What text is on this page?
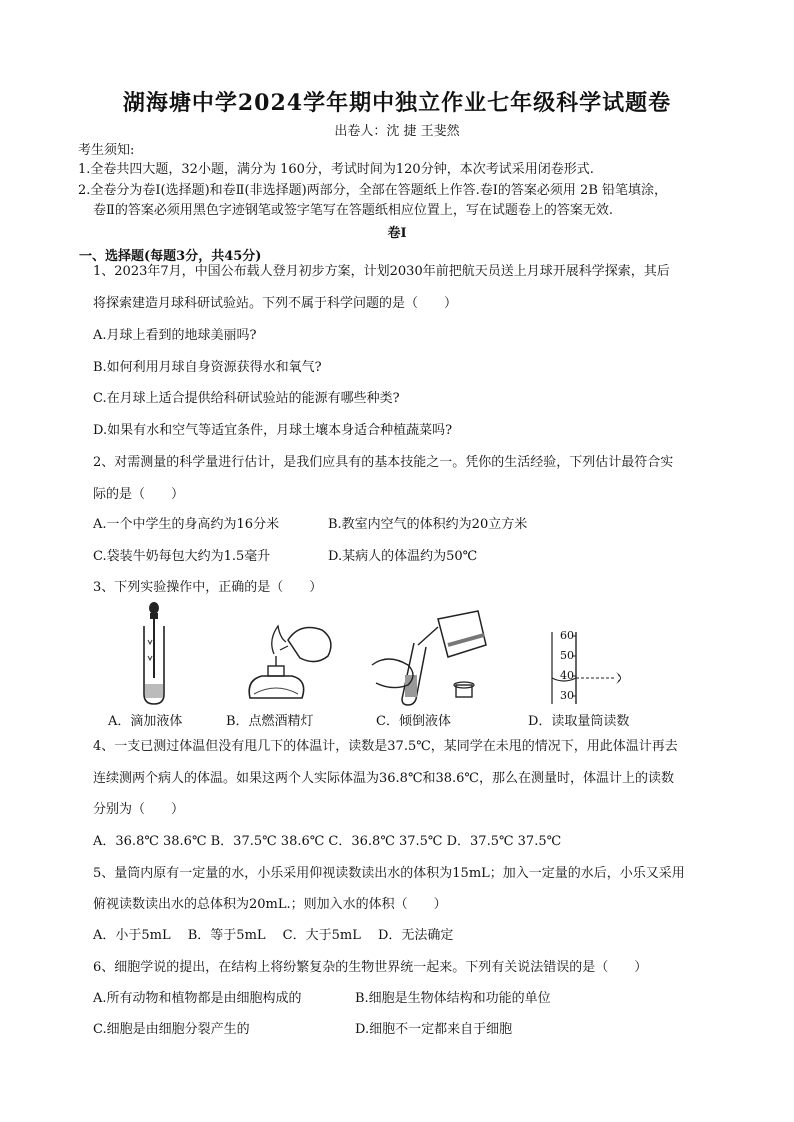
湖海塘中学2024学年期中独立作业七年级科学试题卷
出卷人：沈 捷 王斐然
考生须知:
1.全卷共四大题，32小题，满分为 160分，考试时间为120分钟，本次考试采用闭卷形式.
2.全卷分为卷Ⅰ(选择题)和卷Ⅱ(非选择题)两部分，全部在答题纸上作答.卷Ⅰ的答案必须用 2B 铅笔填涂，
卷Ⅱ的答案必须用黑色字迹钢笔或签字笔写在答题纸相应位置上，写在试题卷上的答案无效.
卷Ⅰ
一、选择题(每题3分，共45分)
1、2023年7月，中国公布载人登月初步方案，计划2030年前把航天员送上月球开展科学探索，其后
将探索建造月球科研试验站。下列不属于科学问题的是（　　）
A.月球上看到的地球美丽吗?
B.如何利用月球自身资源获得水和氧气?
C.在月球上适合提供给科研试验站的能源有哪些种类?
D.如果有水和空气等适宜条件，月球土壤本身适合种植蔬菜吗?
2、对需测量的科学量进行估计，是我们应具有的基本技能之一。凭你的生活经验，下列估计最符合实
际的是（　　）
A.一个中学生的身高约为16分米	B.教室内空气的体积约为20立方米
C.袋装牛奶每包大约为1.5毫升	D.某病人的体温约为50℃
3、下列实验操作中，正确的是（　　）
60
50
40
30
A．滴加液体	B．点燃酒精灯	C．倾倒液体	D．读取量筒读数
4、一支已测过体温但没有甩几下的体温计，读数是37.5℃，某同学在未甩的情况下，用此体温计再去
连续测两个病人的体温。如果这两个人实际体温为36.8℃和38.6℃，那么在测量时，体温计上的读数
分别为（　　）
A．36.8℃ 38.6℃ B．37.5℃ 38.6℃ C．36.8℃ 37.5℃ D．37.5℃ 37.5℃
5、量筒内原有一定量的水，小乐采用仰视读数读出水的体积为15mL；加入一定量的水后，小乐又采用
俯视读数读出水的总体积为20mL.；则加入水的体积（　　）
A．小于5mL　 B．等于5mL　 C．大于5mL　 D．无法确定
6、细胞学说的提出，在结构上将纷繁复杂的生物世界统一起来。下列有关说法错误的是（　　）
A.所有动物和植物都是由细胞构成的	B.细胞是生物体结构和功能的单位
C.细胞是由细胞分裂产生的	D.细胞不一定都来自于细胞
